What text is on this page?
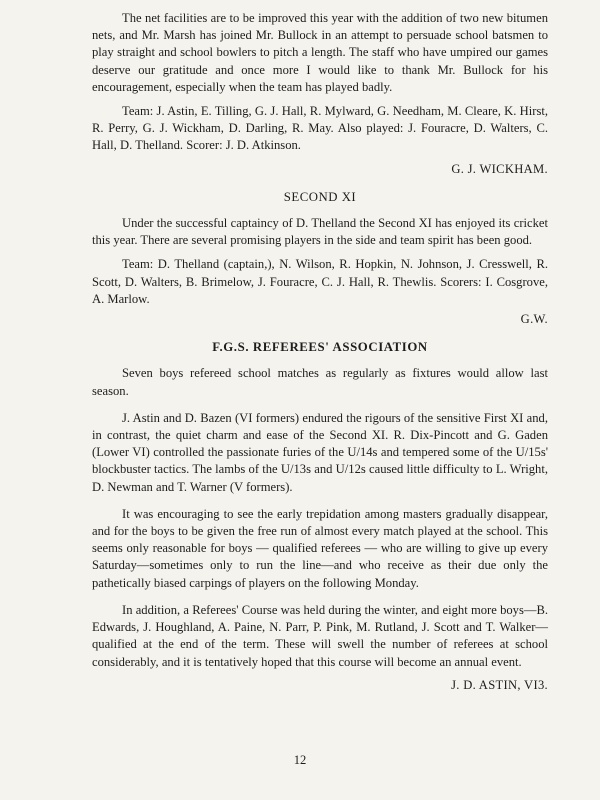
The net facilities are to be improved this year with the addition of two new bitumen nets, and Mr. Marsh has joined Mr. Bullock in an attempt to persuade school batsmen to play straight and school bowlers to pitch a length. The staff who have umpired our games deserve our gratitude and once more I would like to thank Mr. Bullock for his encouragement, especially when the team has played badly.

Team: J. Astin, E. Tilling, G. J. Hall, R. Mylward, G. Needham, M. Cleare, K. Hirst, R. Perry, G. J. Wickham, D. Darling, R. May. Also played: J. Fouracre, D. Walters, C. Hall, D. Thelland. Scorer: J. D. Atkinson.

G. J. WICKHAM.
SECOND XI

Under the successful captaincy of D. Thelland the Second XI has enjoyed its cricket this year. There are several promising players in the side and team spirit has been good.

Team: D. Thelland (captain,), N. Wilson, R. Hopkin, N. Johnson, J. Cresswell, R. Scott, D. Walters, B. Brimelow, J. Fouracre, C. J. Hall, R. Thewlis. Scorers: I. Cosgrove, A. Marlow.

G.W.
F.G.S. REFEREES' ASSOCIATION

Seven boys refereed school matches as regularly as fixtures would allow last season.

J. Astin and D. Bazen (VI formers) endured the rigours of the sensitive First XI and, in contrast, the quiet charm and ease of the Second XI. R. Dix-Pincott and G. Gaden (Lower VI) controlled the passionate furies of the U/14s and tempered some of the U/15s' blockbuster tactics. The lambs of the U/13s and U/12s caused little difficulty to L. Wright, D. Newman and T. Warner (V formers).

It was encouraging to see the early trepidation among masters gradually disappear, and for the boys to be given the free run of almost every match played at the school. This seems only reasonable for boys — qualified referees — who are willing to give up every Saturday—sometimes only to run the line—and who receive as their due only the pathetically biased carpings of players on the following Monday.

In addition, a Referees' Course was held during the winter, and eight more boys—B. Edwards, J. Houghland, A. Paine, N. Parr, P. Pink, M. Rutland, J. Scott and T. Walker—qualified at the end of the term. These will swell the number of referees at school considerably, and it is tentatively hoped that this course will become an annual event.

J. D. ASTIN, VI3.
12
